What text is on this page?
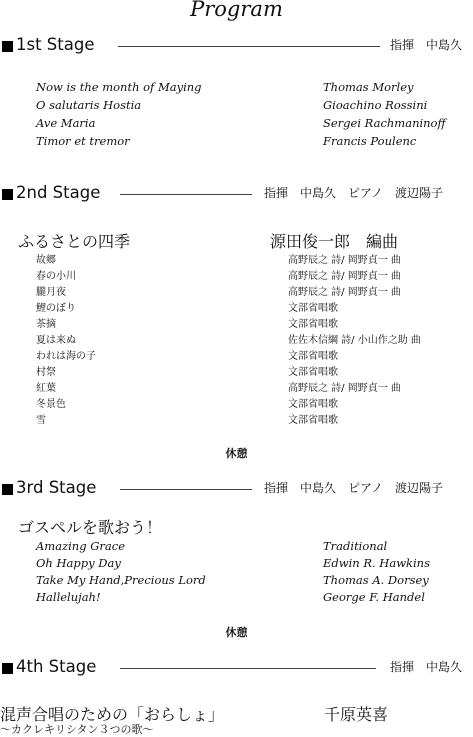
Program
1st Stage	指揮　中島久
Now is the month of Maying	Thomas Morley
O salutaris Hostia	Gioachino Rossini
Ave Maria	Sergei Rachmaninoff
Timor et tremor	Francis Poulenc
2nd Stage	指揮　中島久　ピアノ　渡辺陽子
ふるさとの四季	源田俊一郎　編曲
故郷	高野辰之 詩/ 岡野貞一 曲
春の小川	高野辰之 詩/ 岡野貞一 曲
朧月夜	高野辰之 詩/ 岡野貞一 曲
鯉のぼり	文部省唱歌
茶摘	文部省唱歌
夏は来ぬ	佐佐木信綱 詩/ 小山作之助 曲
われは海の子	文部省唱歌
村祭	文部省唱歌
紅葉	高野辰之 詩/ 岡野貞一 曲
冬景色	文部省唱歌
雪	文部省唱歌
休憩
3rd Stage	指揮　中島久　ピアノ　渡辺陽子
ゴスペルを歌おう！
Amazing Grace	Traditional
Oh Happy Day	Edwin R. Hawkins
Take My Hand,Precious Lord	Thomas A. Dorsey
Hallelujah!	George F. Handel
休憩
4th Stage	指揮　中島久
混声合唱のための「おらしょ」	千原英喜
〜カクレキリシタン３つの歌〜
